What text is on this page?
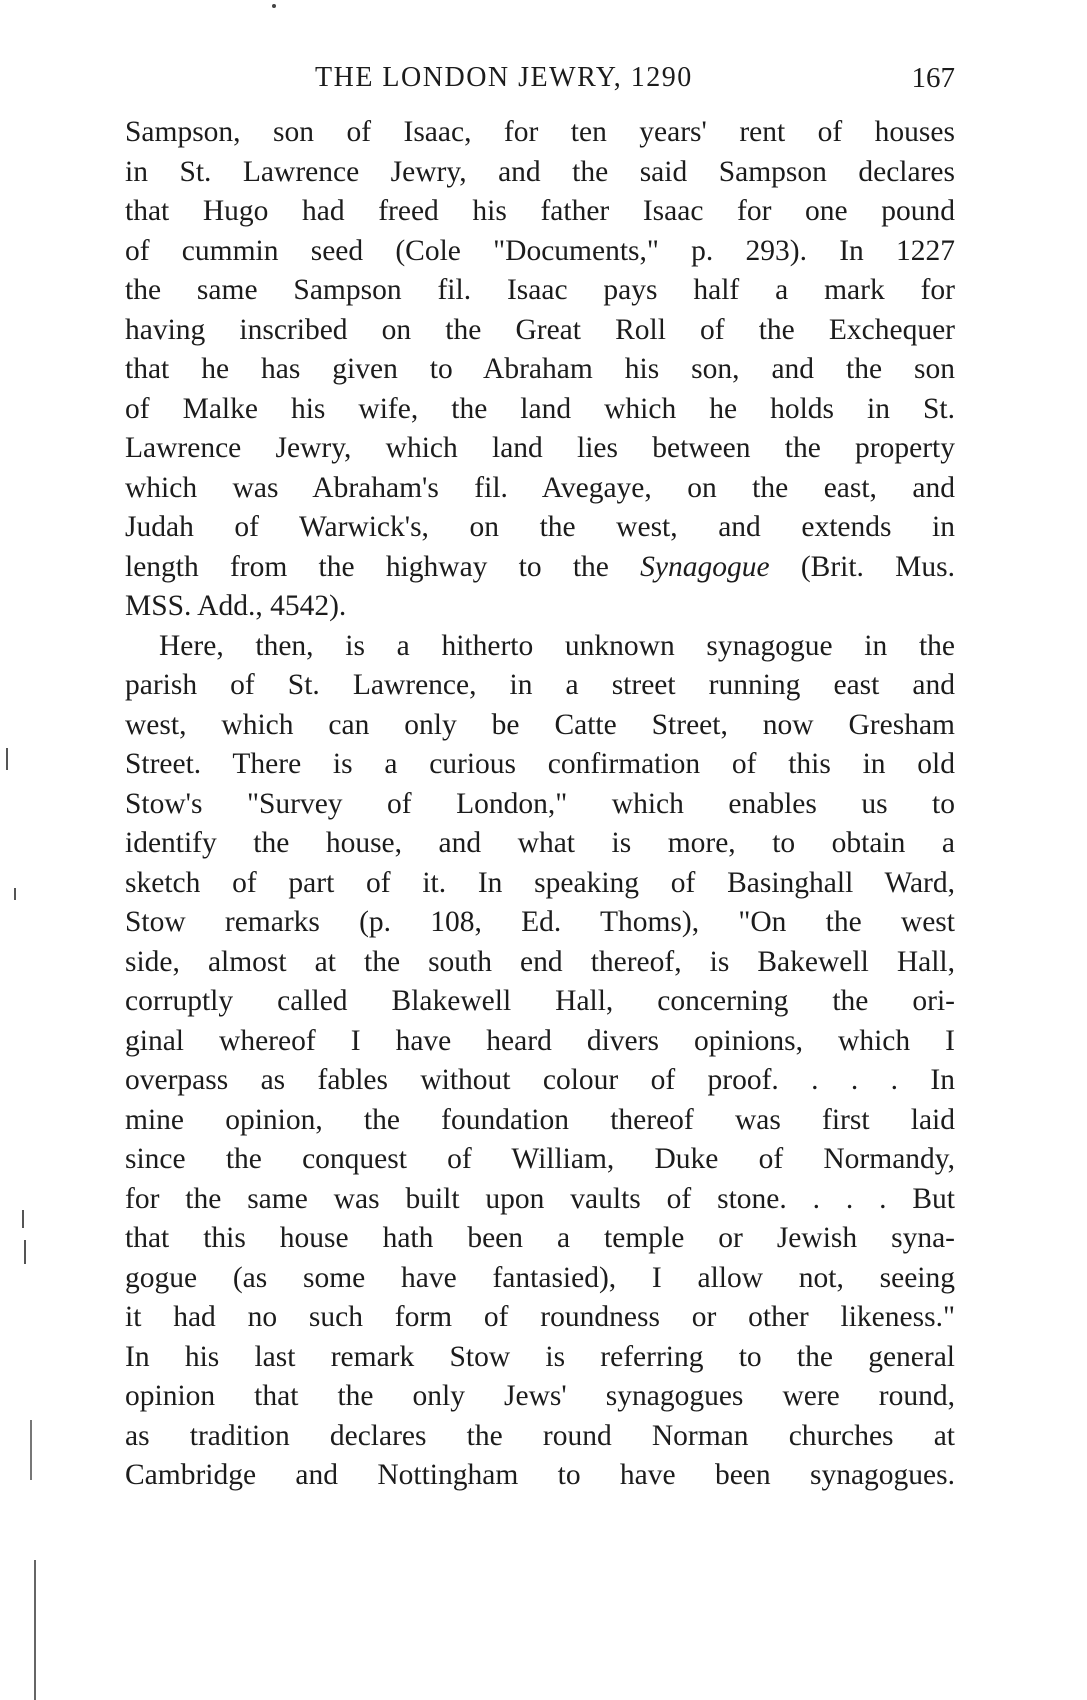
THE LONDON JEWRY, 1290	167
Sampson, son of Isaac, for ten years' rent of houses
in St. Lawrence Jewry, and the said Sampson declares
that Hugo had freed his father Isaac for one pound
of cummin seed (Cole "Documents," p. 293). In 1227
the same Sampson fil. Isaac pays half a mark for
having inscribed on the Great Roll of the Exchequer
that he has given to Abraham his son, and the son
of Malke his wife, the land which he holds in St.
Lawrence Jewry, which land lies between the property
which was Abraham's fil. Avegaye, on the east, and
Judah of Warwick's, on the west, and extends in
length from the highway to the Synagogue (Brit. Mus.
MSS. Add., 4542).
Here, then, is a hitherto unknown synagogue in the
parish of St. Lawrence, in a street running east and
west, which can only be Catte Street, now Gresham
Street. There is a curious confirmation of this in old
Stow's "Survey of London," which enables us to
identify the house, and what is more, to obtain a
sketch of part of it. In speaking of Basinghall Ward,
Stow remarks (p. 108, Ed. Thoms), "On the west
side, almost at the south end thereof, is Bakewell Hall,
corruptly called Blakewell Hall, concerning the ori-
ginal whereof I have heard divers opinions, which I
overpass as fables without colour of proof. . . . In
mine opinion, the foundation thereof was first laid
since the conquest of William, Duke of Normandy,
for the same was built upon vaults of stone. . . . But
that this house hath been a temple or Jewish syna-
gogue (as some have fantasied), I allow not, seeing
it had no such form of roundness or other likeness."
In his last remark Stow is referring to the general
opinion that the only Jews' synagogues were round,
as tradition declares the round Norman churches at
Cambridge and Nottingham to have been synagogues.
